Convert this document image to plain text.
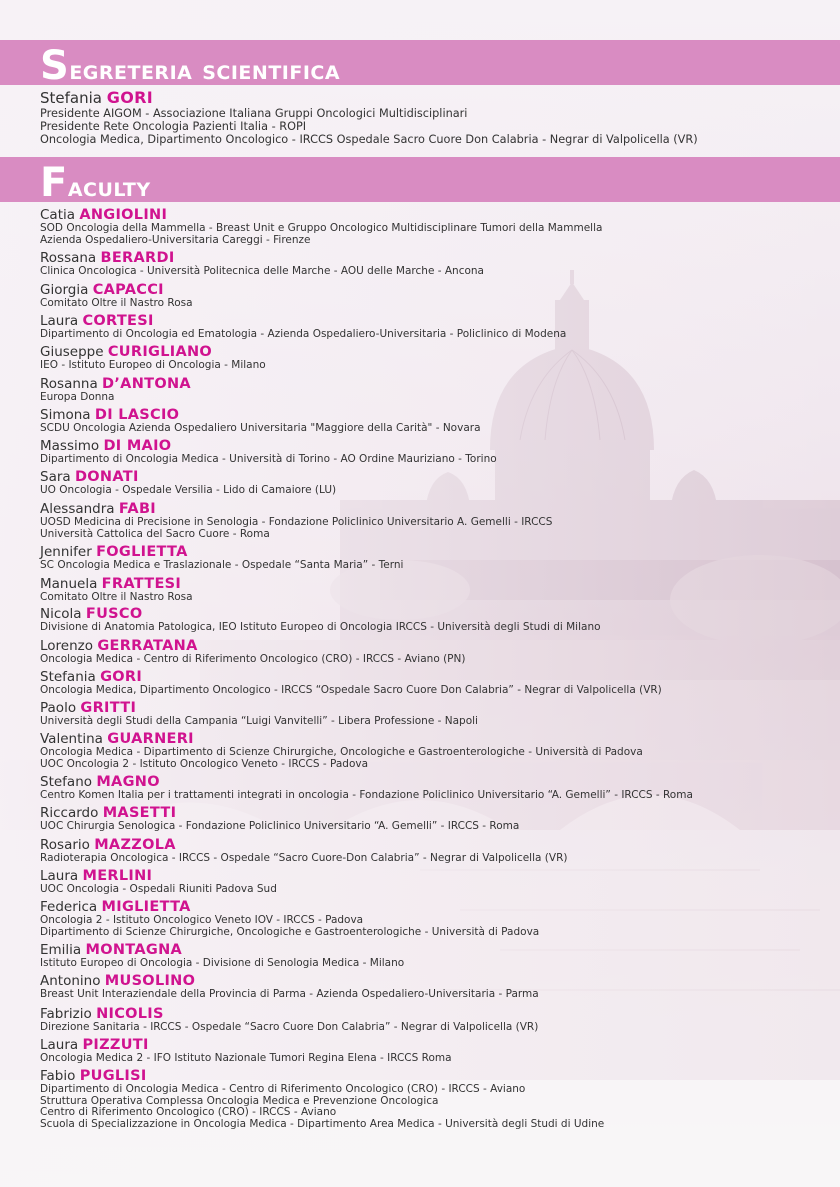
Segreteria scientifica
Stefania GORI
Presidente AIGOM - Associazione Italiana Gruppi Oncologici Multidisciplinari
Presidente Rete Oncologia Pazienti Italia - ROPI
Oncologia Medica, Dipartimento Oncologico - IRCCS Ospedale Sacro Cuore Don Calabria - Negrar di Valpolicella (VR)
Faculty
Catia ANGIOLINI
SOD Oncologia della Mammella - Breast Unit e Gruppo Oncologico Multidisciplinare Tumori della Mammella
Azienda Ospedaliero-Universitaria Careggi - Firenze
Rossana BERARDI
Clinica Oncologica - Università Politecnica delle Marche - AOU delle Marche - Ancona
Giorgia CAPACCI
Comitato Oltre il Nastro Rosa
Laura CORTESI
Dipartimento di Oncologia ed Ematologia - Azienda Ospedaliero-Universitaria - Policlinico di Modena
Giuseppe CURIGLIANO
IEO - Istituto Europeo di Oncologia - Milano
Rosanna D’ANTONA
Europa Donna
Simona DI LASCIO
SCDU Oncologia Azienda Ospedaliero Universitaria "Maggiore della Carità" - Novara
Massimo DI MAIO
Dipartimento di Oncologia Medica - Università di Torino - AO Ordine Mauriziano - Torino
Sara DONATI
UO Oncologia - Ospedale Versilia - Lido di Camaiore (LU)
Alessandra FABI
UOSD Medicina di Precisione in Senologia - Fondazione Policlinico Universitario A. Gemelli - IRCCS
Università Cattolica del Sacro Cuore - Roma
Jennifer FOGLIETTA
SC Oncologia Medica e Traslazionale - Ospedale “Santa Maria” - Terni
Manuela FRATTESI
Comitato Oltre il Nastro Rosa
Nicola FUSCO
Divisione di Anatomia Patologica, IEO Istituto Europeo di Oncologia IRCCS - Università degli Studi di Milano
Lorenzo GERRATANA
Oncologia Medica - Centro di Riferimento Oncologico (CRO) - IRCCS - Aviano (PN)
Stefania GORI
Oncologia Medica, Dipartimento Oncologico - IRCCS “Ospedale Sacro Cuore Don Calabria” - Negrar di Valpolicella (VR)
Paolo GRITTI
Università degli Studi della Campania “Luigi Vanvitelli” - Libera Professione - Napoli
Valentina GUARNERI
Oncologia Medica - Dipartimento di Scienze Chirurgiche, Oncologiche e Gastroenterologiche - Università di Padova
UOC Oncologia 2 - Istituto Oncologico Veneto - IRCCS - Padova
Stefano MAGNO
Centro Komen Italia per i trattamenti integrati in oncologia - Fondazione Policlinico Universitario “A. Gemelli” - IRCCS - Roma
Riccardo MASETTI
UOC Chirurgia Senologica - Fondazione Policlinico Universitario “A. Gemelli” - IRCCS - Roma
Rosario MAZZOLA
Radioterapia Oncologica - IRCCS - Ospedale “Sacro Cuore-Don Calabria” - Negrar di Valpolicella (VR)
Laura MERLINI
UOC Oncologia - Ospedali Riuniti Padova Sud
Federica MIGLIETTA
Oncologia 2 - Istituto Oncologico Veneto IOV - IRCCS - Padova
Dipartimento di Scienze Chirurgiche, Oncologiche e Gastroenterologiche - Università di Padova
Emilia MONTAGNA
Istituto Europeo di Oncologia - Divisione di Senologia Medica - Milano
Antonino MUSOLINO
Breast Unit Interaziendale della Provincia di Parma - Azienda Ospedaliero-Universitaria - Parma
Fabrizio NICOLIS
Direzione Sanitaria - IRCCS - Ospedale “Sacro Cuore Don Calabria” - Negrar di Valpolicella (VR)
Laura PIZZUTI
Oncologia Medica 2 - IFO Istituto Nazionale Tumori Regina Elena - IRCCS Roma
Fabio PUGLISI
Dipartimento di Oncologia Medica - Centro di Riferimento Oncologico (CRO) - IRCCS - Aviano
Struttura Operativa Complessa Oncologia Medica e Prevenzione Oncologica
Centro di Riferimento Oncologico (CRO) - IRCCS - Aviano
Scuola di Specializzazione in Oncologia Medica - Dipartimento Area Medica - Università degli Studi di Udine
